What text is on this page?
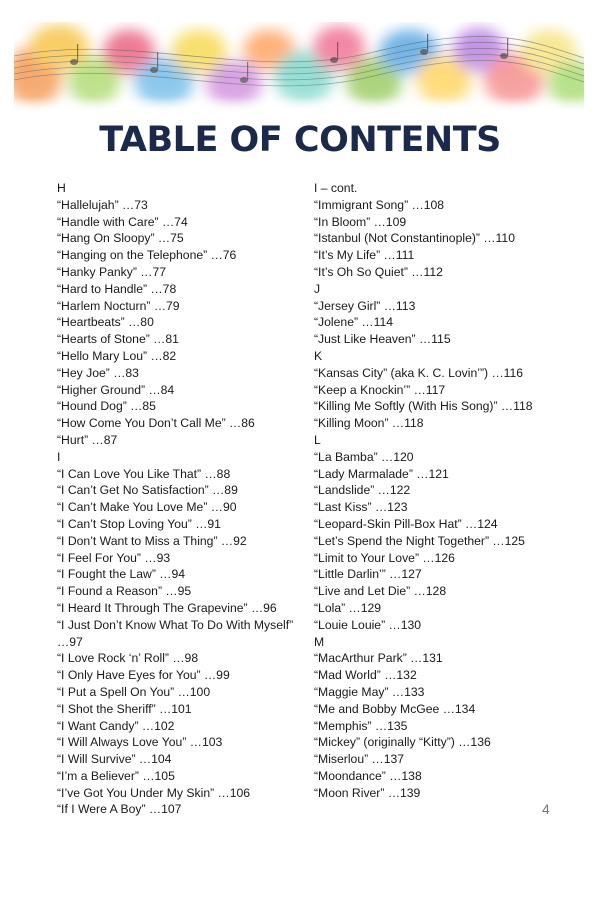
TABLE OF CONTENTS
H
“Hallelujah” …73
“Handle with Care” …74
“Hang On Sloopy” …75
“Hanging on the Telephone” …76
“Hanky Panky” …77
“Hard to Handle” …78
“Harlem Nocturn” …79
“Heartbeats” …80
“Hearts of Stone” …81
“Hello Mary Lou” …82
“Hey Joe” …83
“Higher Ground” …84
“Hound Dog” …85
“How Come You Don’t Call Me” …86
“Hurt” …87
I
“I Can Love You Like That” …88
“I Can’t Get No Satisfaction” …89
“I Can’t Make You Love Me” …90
“I Can’t Stop Loving You” …91
“I Don’t Want to Miss a Thing” …92
“I Feel For You” …93
“I Fought the Law” …94
“I Found a Reason” …95
“I Heard It Through The Grapevine” …96
“I Just Don’t Know What To Do With Myself” …97
“I Love Rock ‘n’ Roll” …98
“I Only Have Eyes for You” …99
“I Put a Spell On You” …100
“I Shot the Sheriff” …101
“I Want Candy” …102
“I Will Always Love You” …103
“I Will Survive” …104
“I’m a Believer” …105
“I’ve Got You Under My Skin” …106
“If I Were A Boy” …107
I – cont.
“Immigrant Song” …108
“In Bloom” …109
“Istanbul (Not Constantinople)” …110
“It’s My Life” …111
“It’s Oh So Quiet” …112
J
“Jersey Girl” …113
“Jolene” …114
“Just Like Heaven” …115
K
“Kansas City” (aka K. C. Lovin’”) …116
“Keep a Knockin’” …117
“Killing Me Softly (With His Song)” …118
“Killing Moon” …118
L
“La Bamba” …120
“Lady Marmalade” …121
“Landslide” …122
“Last Kiss” …123
“Leopard-Skin Pill-Box Hat” …124
“Let’s Spend the Night Together” …125
“Limit to Your Love” …126
“Little Darlin’” …127
“Live and Let Die” …128
“Lola” …129
“Louie Louie” …130
M
“MacArthur Park” …131
“Mad World” …132
“Maggie May” …133
“Me and Bobby McGee …134
“Memphis” …135
“Mickey” (originally “Kitty”) …136
“Miserlou” …137
“Moondance” …138
“Moon River” …139
4
